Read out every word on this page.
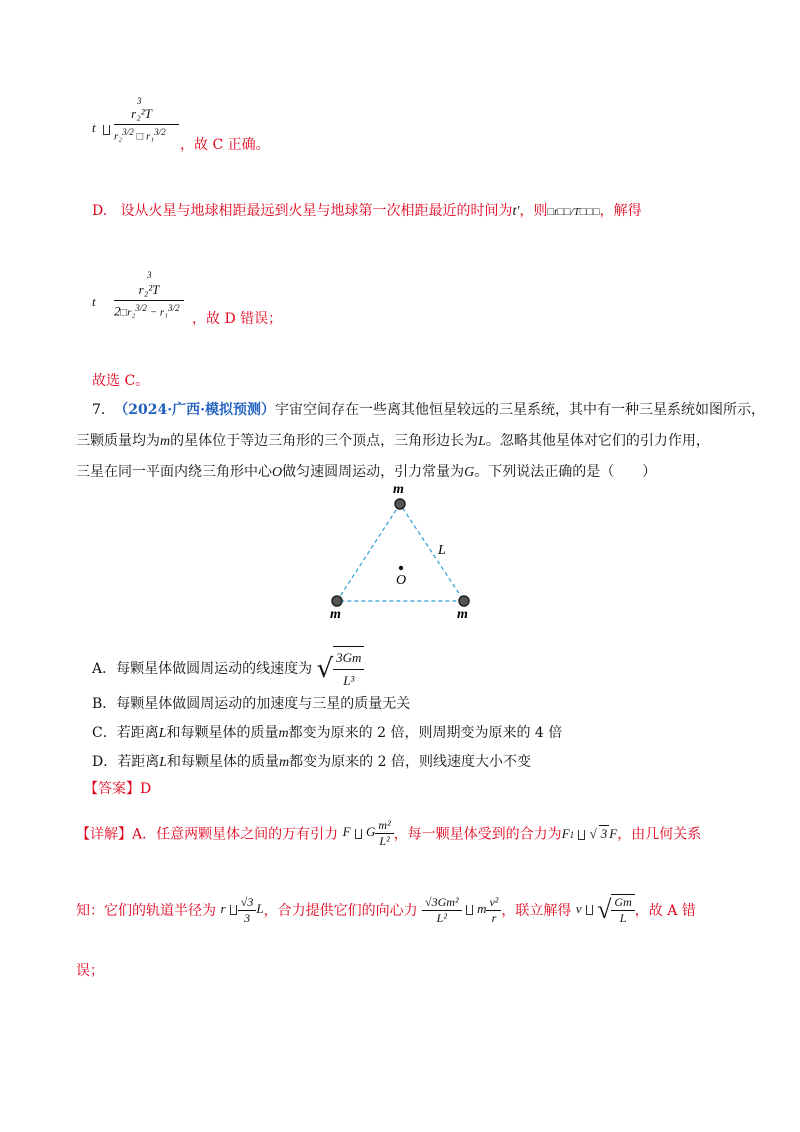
3
t
r₂²T
r₂$^{3/2}$ □ r₁$^{3/2}$
，故 C 正确。
D. 设从火星与地球相距最远到火星与地球第一次相距最近的时间为t′，则□t□□/T□□□，解得
3
t
r₂²T
2□r₂$^{3/2}$ − r₁$^{3/2}$
，故 D 错误；
故选 C。
7. （2024·广西·模拟预测）宇宙空间存在一些离其他恒星较远的三星系统，其中有一种三星系统如图所示，
三颗质量均为m的星体位于等边三角形的三个顶点，三角形边长为L。忽略其他星体对它们的引力作用，
三星在同一平面内绕三角形中心O做匀速圆周运动，引力常量为G。下列说法正确的是（　　）
m
m	m
L
O
A．每颗星体做圆周运动的线速度为 √ $\frac{3Gm}{\text{L³}}$
B．每颗星体做圆周运动的加速度与三星的质量无关
C．若距离L和每颗星体的质量m都变为原来的 2 倍，则周期变为原来的 4 倍
D．若距离L和每颗星体的质量m都变为原来的 2 倍，则线速度大小不变
【答案】D
【详解】A．任意两颗星体之间的万有引力 F G $\frac{\text{m²}}{\text{L²}}$ ，每一颗星体受到的合力为F1  √ 3 F，由几何关系
知：它们的轨道半径为 r $\frac{√3}{3}$ L，合力提供它们的向心力 $\frac{\text{√3Gm²}}{\text{L²}}$ m $\frac{\text{v²}}{r}$ ，联立解得 v √ $\frac{Gm}{L}$ ，故 A 错
误；
